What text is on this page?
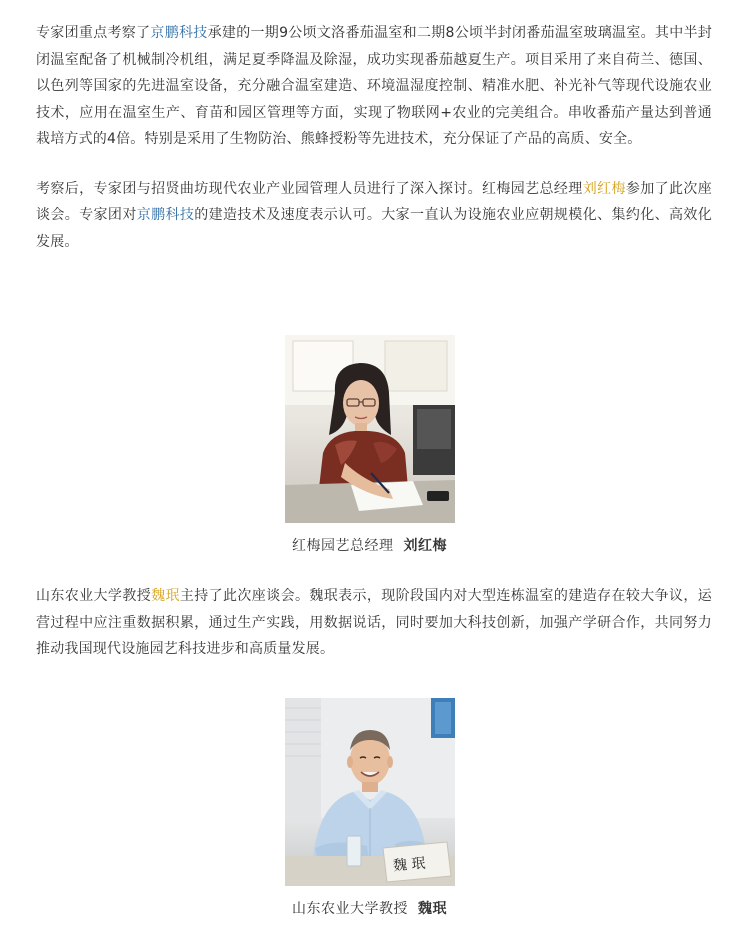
专家团重点考察了京鹏科技承建的一期9公顷文洛番茄温室和二期8公顷半封闭番茄温室玻璃温室。其中半封闭温室配备了机械制冷机组，满足夏季降温及除湿，成功实现番茄越夏生产。项目采用了来自荷兰、德国、以色列等国家的先进温室设备，充分融合温室建造、环境温湿度控制、精准水肥、补光补气等现代设施农业技术，应用在温室生产、育苗和园区管理等方面，实现了物联网+农业的完美组合。串收番茄产量达到普通栽培方式的4倍。特别是采用了生物防治、熊蜂授粉等先进技术，充分保证了产品的高质、安全。

考察后，专家团与招贤曲坊现代农业产业园管理人员进行了深入探讨。红梅园艺总经理刘红梅参加了此次座谈会。专家团对京鹏科技的建造技术及速度表示认可。大家一直认为设施农业应朝规模化、集约化、高效化发展。

红梅园艺总经理 刘红梅

山东农业大学教授魏珉主持了此次座谈会。魏珉表示，现阶段国内对大型连栋温室的建造存在较大争议，运营过程中应注重数据积累，通过生产实践，用数据说话，同时要加大科技创新，加强产学研合作，共同努力推动我国现代设施园艺科技进步和高质量发展。

魏 珉
山东农业大学教授 魏珉
